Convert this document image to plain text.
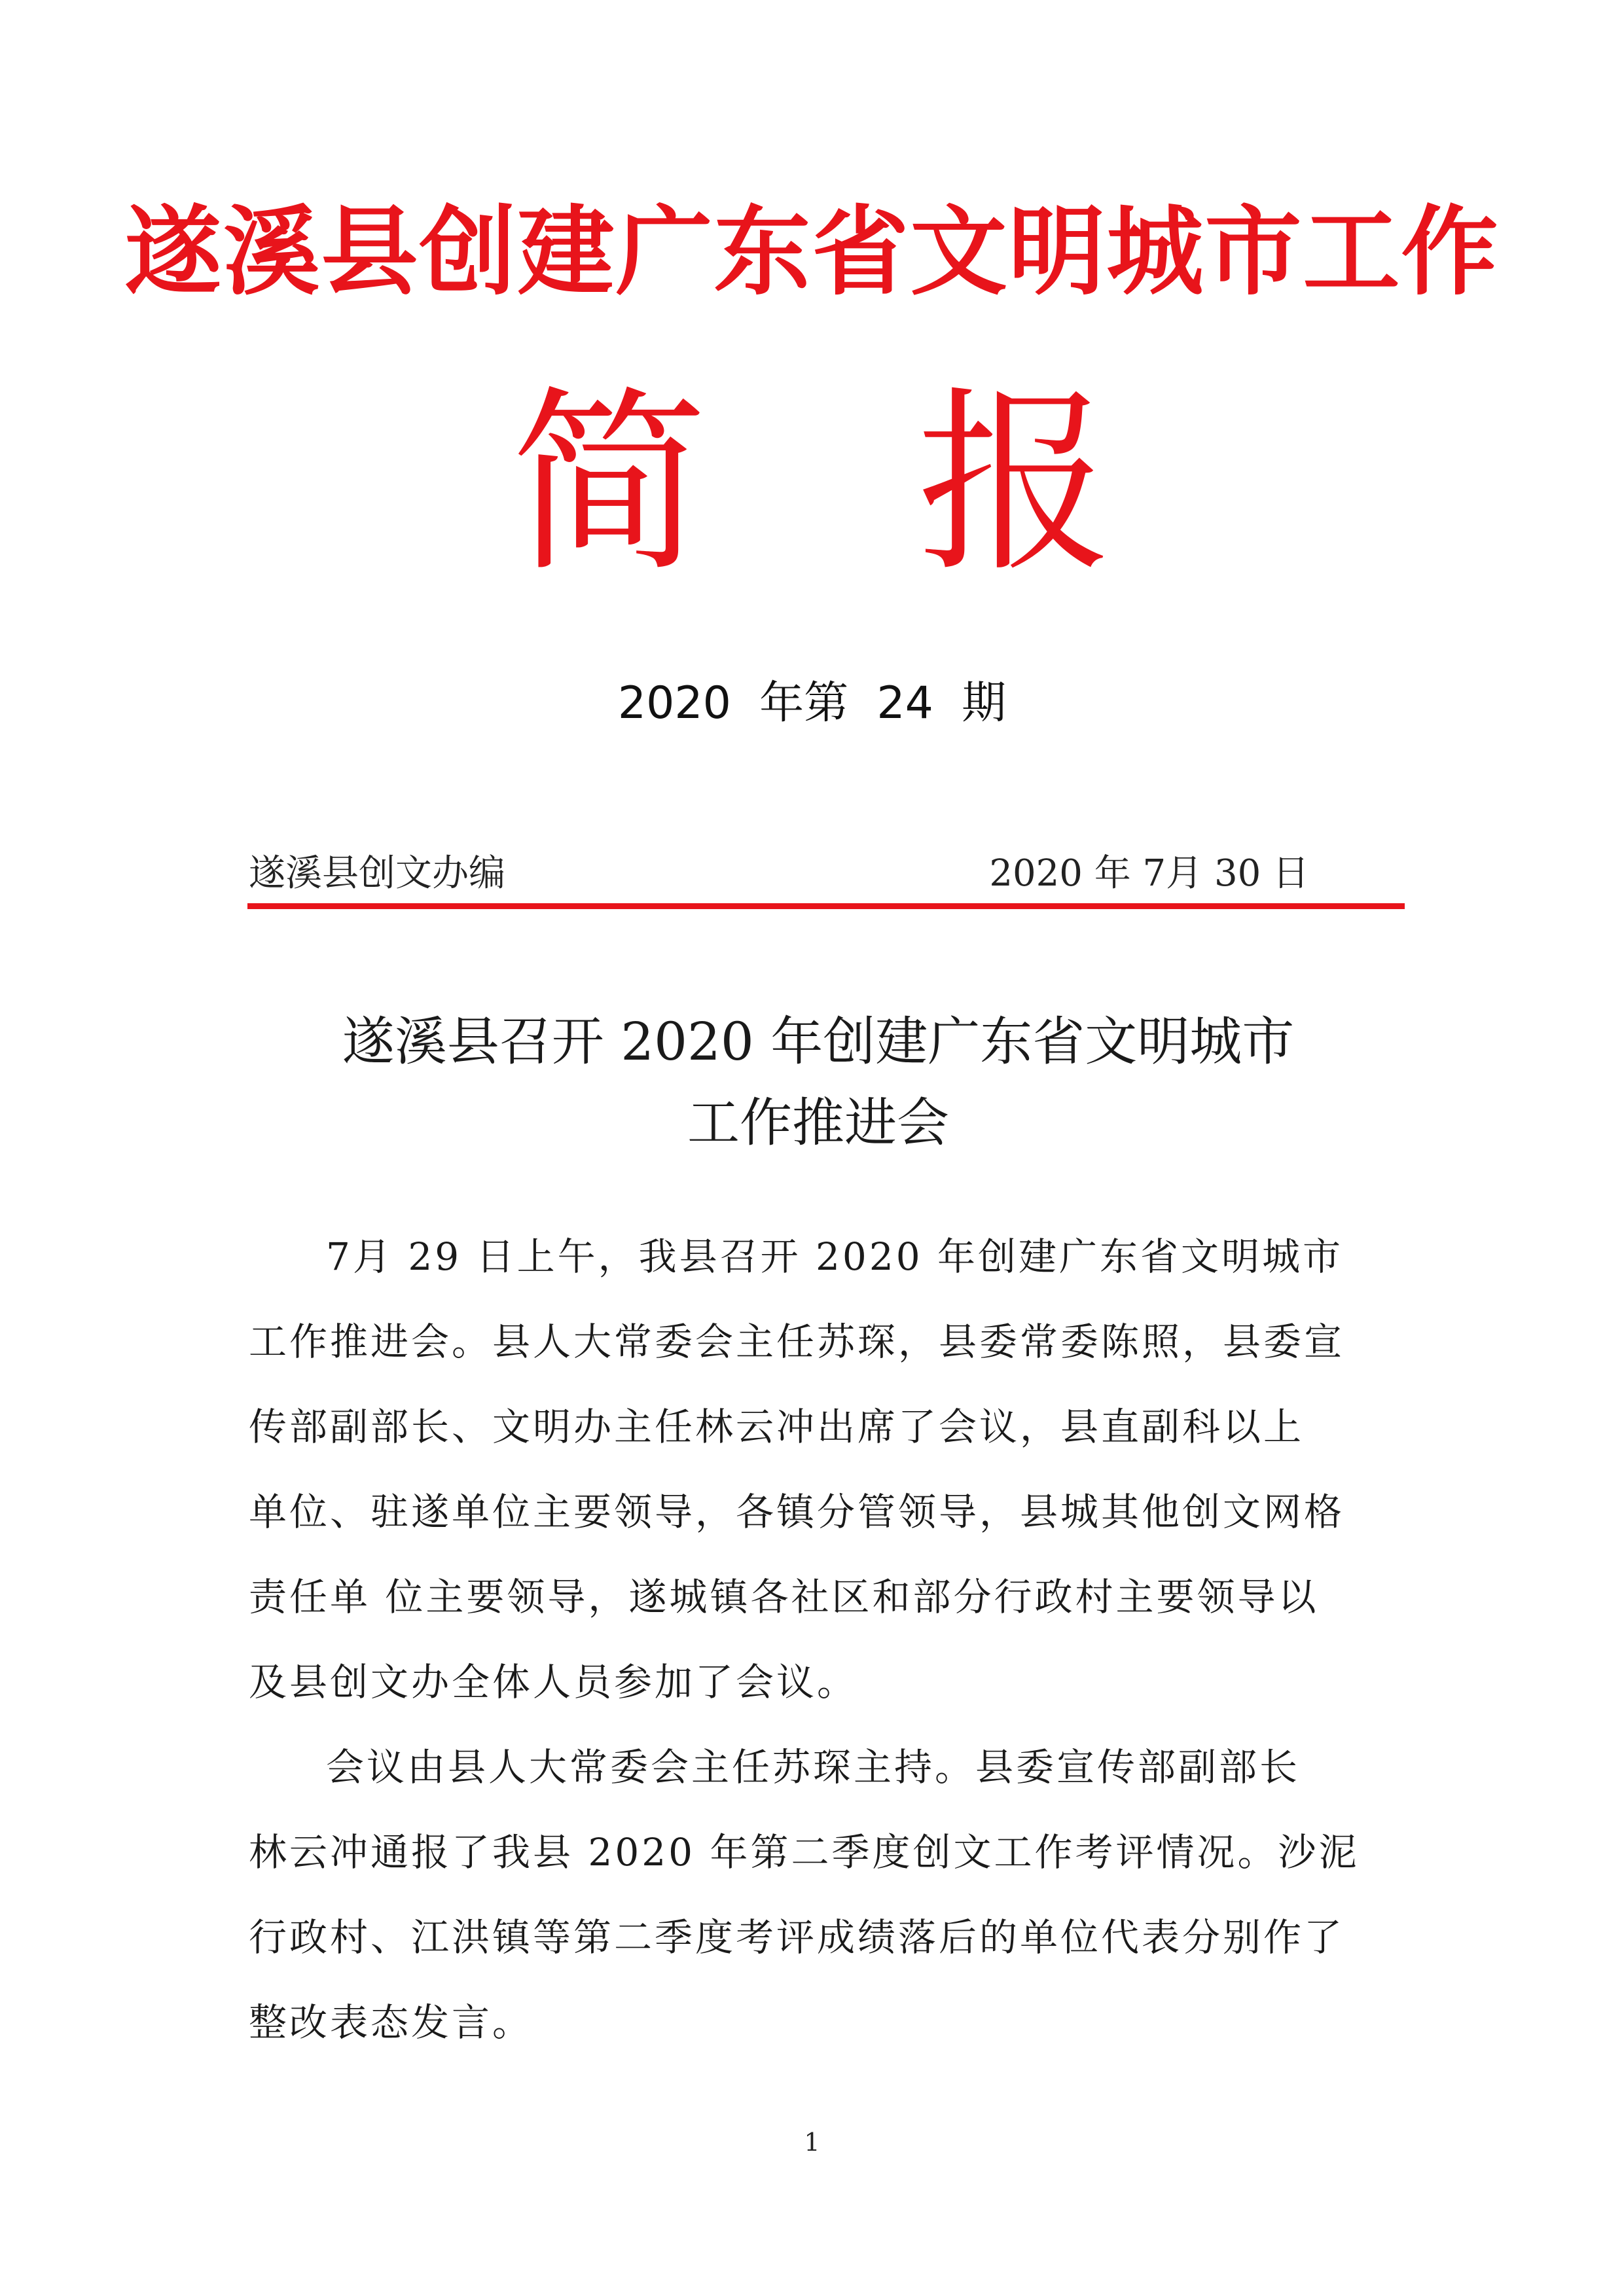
遂溪县创建广东省文明城市工作
简 报
2020  年第  24  期
遂溪县创文办编	2020 年 7月 30 日
遂溪县召开 2020 年创建广东省文明城市
工作推进会
7月 29 日上午，我县召开 2020 年创建广东省文明城市
工作推进会。县人大常委会主任苏琛，县委常委陈照，县委宣
传部副部长、文明办主任林云冲出席了会议，县直副科以上
单位、驻遂单位主要领导，各镇分管领导，县城其他创文网格
责任单 位主要领导，遂城镇各社区和部分行政村主要领导以
及县创文办全体人员参加了会议。
会议由县人大常委会主任苏琛主持。县委宣传部副部长
林云冲通报了我县 2020 年第二季度创文工作考评情况。沙泥
行政村、江洪镇等第二季度考评成绩落后的单位代表分别作了
整改表态发言。
1
